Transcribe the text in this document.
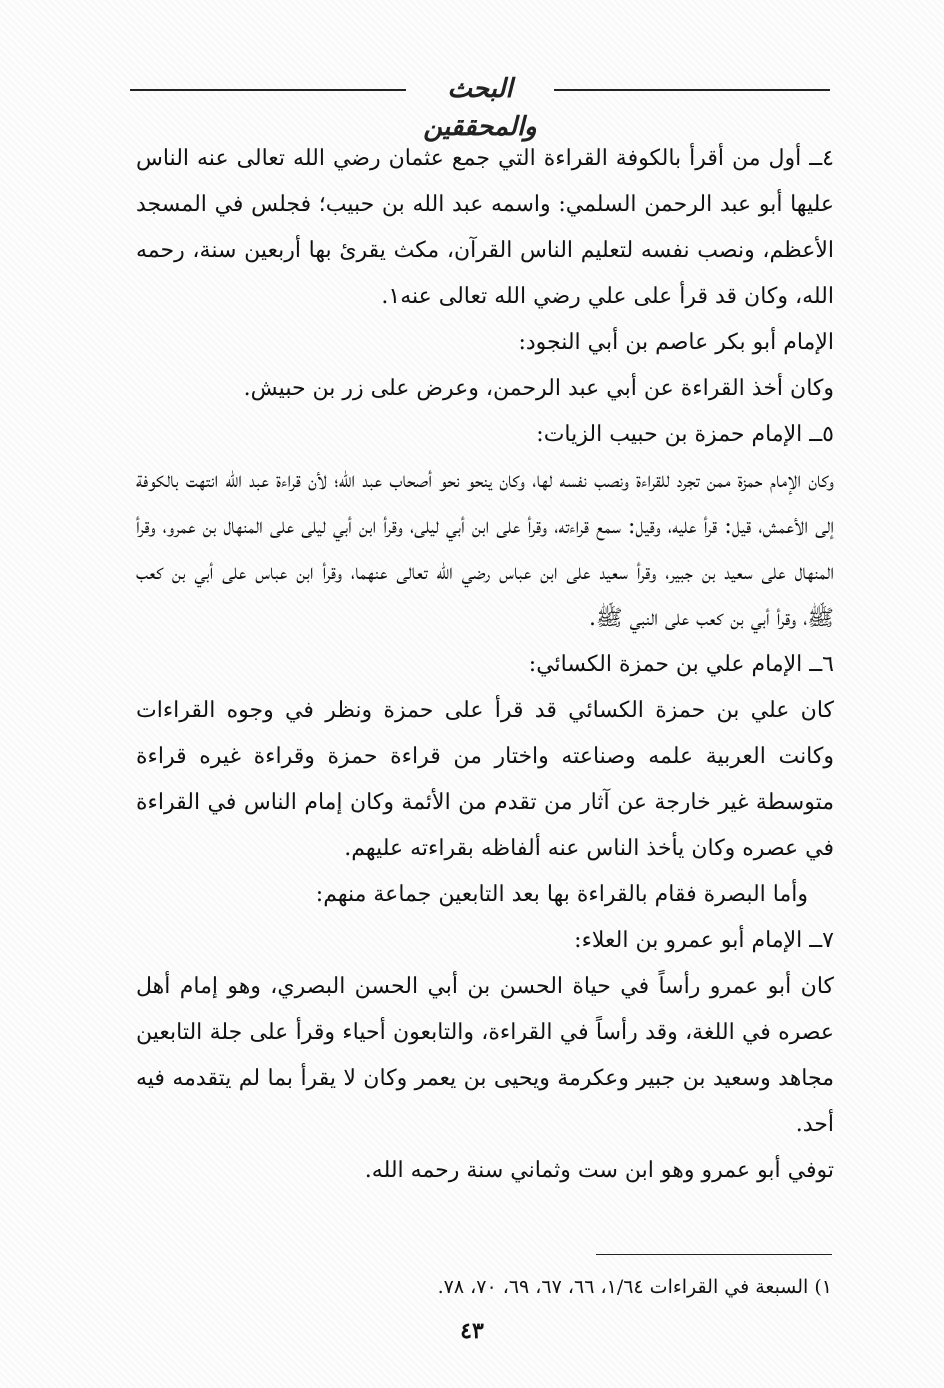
البحث والمحققين

٤ــ أول من أقرأ بالكوفة القراءة التي جمع عثمان رضي الله تعالى عنه الناس عليها أبو عبد الرحمن السلمي: واسمه عبد الله بن حبيب؛ فجلس في المسجد الأعظم، ونصب نفسه لتعليم الناس القرآن، مكث يقرئ بها أربعين سنة، رحمه الله، وكان قد قرأ على علي رضي الله تعالى عنه١.

الإمام أبو بكر عاصم بن أبي النجود:

وكان أخذ القراءة عن أبي عبد الرحمن، وعرض على زر بن حبيش.

٥ــ الإمام حمزة بن حبيب الزيات:

وكان الإمام حمزة ممن تجرد للقراءة ونصب نفسه لها، وكان ينحو نحو أصحاب عبد الله؛ لأن قراءة عبد الله انتهت بالكوفة إلى الأعمش، قيل: قرأ عليه، وقيل: سمع قراءته، وقرأ على ابن أبي ليلى، وقرأ ابن أبي ليلى على المنهال بن عمرو، وقرأ المنهال على سعيد بن جبير، وقرأ سعيد على ابن عباس رضي الله تعالى عنهما، وقرأ ابن عباس على أبي بن كعب ﷺ، وقرأ أبي بن كعب على النبي ﷺ.

٦ــ الإمام علي بن حمزة الكسائي:

كان علي بن حمزة الكسائي قد قرأ على حمزة ونظر في وجوه القراءات وكانت العربية علمه وصناعته واختار من قراءة حمزة وقراءة غيره قراءة متوسطة غير خارجة عن آثار من تقدم من الأئمة وكان إمام الناس في القراءة في عصره وكان يأخذ الناس عنه ألفاظه بقراءته عليهم.

وأما البصرة فقام بالقراءة بها بعد التابعين جماعة منهم:

٧ــ الإمام أبو عمرو بن العلاء:

كان أبو عمرو رأساً في حياة الحسن بن أبي الحسن البصري، وهو إمام أهل عصره في اللغة، وقد رأساً في القراءة، والتابعون أحياء وقرأ على جلة التابعين مجاهد وسعيد بن جبير وعكرمة ويحيى بن يعمر وكان لا يقرأ بما لم يتقدمه فيه أحد.

توفي أبو عمرو وهو ابن ست وثماني سنة رحمه الله.

١) السبعة في القراءات ١/٦٤، ٦٦، ٦٧، ٦٩، ٧٠، ٧٨.
٤٣
